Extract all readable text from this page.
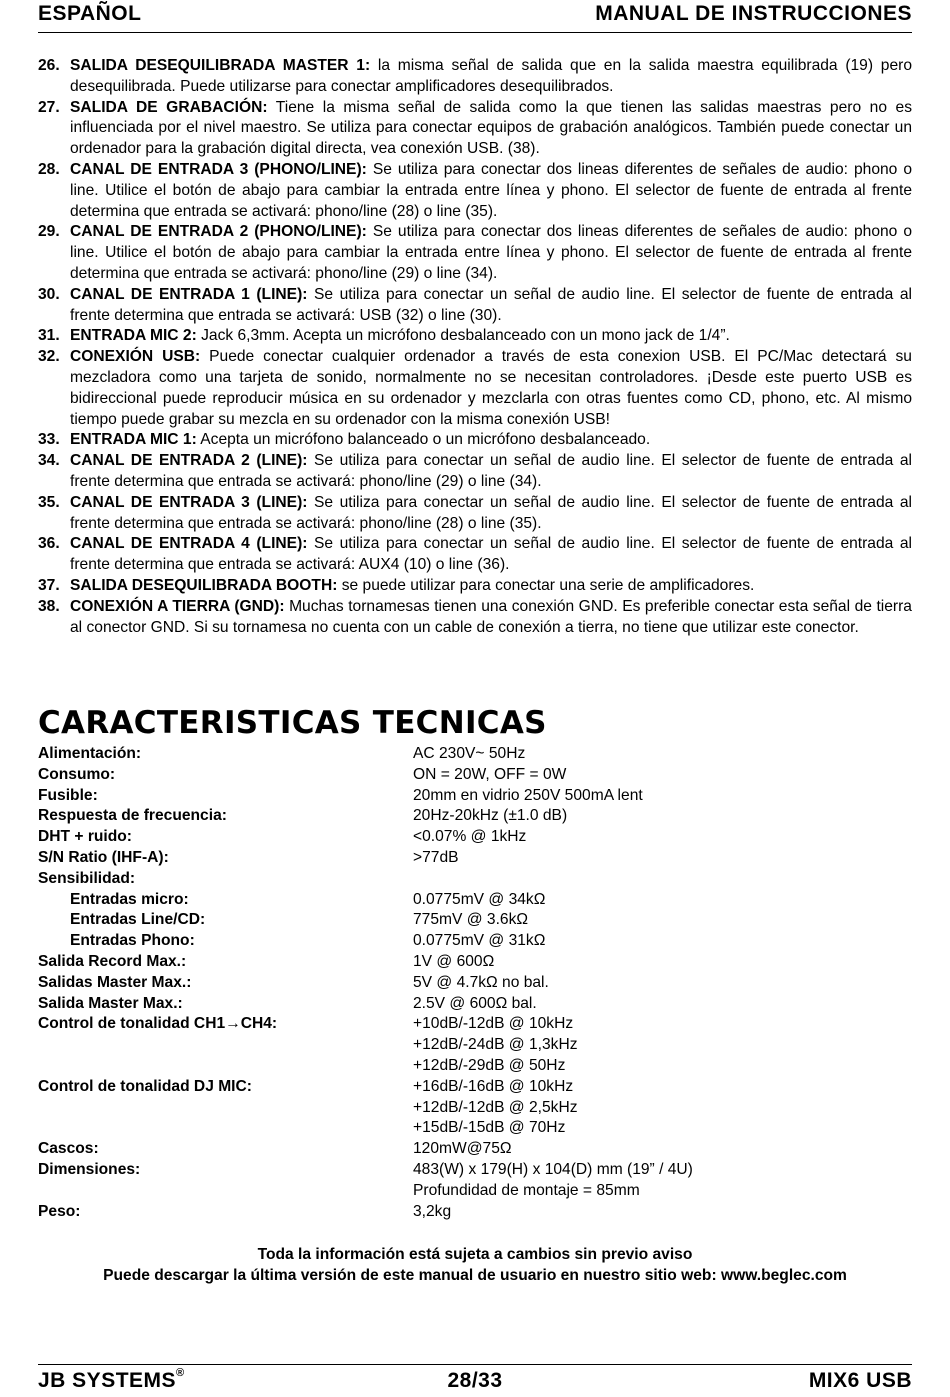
ESPAÑOL	MANUAL DE INSTRUCCIONES
26. SALIDA DESEQUILIBRADA MASTER 1: la misma señal de salida que en la salida maestra equilibrada (19) pero desequilibrada. Puede utilizarse para conectar amplificadores desequilibrados.
27. SALIDA DE GRABACIÓN: Tiene la misma señal de salida como la que tienen las salidas maestras pero no es influenciada por el nivel maestro. Se utiliza para conectar equipos de grabación analógicos. También puede conectar un ordenador para la grabación digital directa, vea conexión USB. (38).
28. CANAL DE ENTRADA 3 (PHONO/LINE): Se utiliza para conectar dos lineas diferentes de señales de audio: phono o line. Utilice el botón de abajo para cambiar la entrada entre línea y phono. El selector de fuente de entrada al frente determina que entrada se activará: phono/line (28) o line (35).
29. CANAL DE ENTRADA 2 (PHONO/LINE): Se utiliza para conectar dos lineas diferentes de señales de audio: phono o line. Utilice el botón de abajo para cambiar la entrada entre línea y phono. El selector de fuente de entrada al frente determina que entrada se activará: phono/line (29) o line (34).
30. CANAL DE ENTRADA 1 (LINE): Se utiliza para conectar un señal de audio line. El selector de fuente de entrada al frente determina que entrada se activará: USB (32) o line (30).
31. ENTRADA MIC 2: Jack 6,3mm. Acepta un micrófono desbalanceado con un mono jack de 1/4”.
32. CONEXIÓN USB: Puede conectar cualquier ordenador a través de esta conexion USB. El PC/Mac detectará su mezcladora como una tarjeta de sonido, normalmente no se necesitan controladores. ¡Desde este puerto USB es bidireccional puede reproducir música en su ordenador y mezclarla con otras fuentes como CD, phono, etc. Al mismo tiempo puede grabar su mezcla en su ordenador con la misma conexión USB!
33. ENTRADA MIC 1: Acepta un micrófono balanceado o un micrófono desbalanceado.
34. CANAL DE ENTRADA 2 (LINE): Se utiliza para conectar un señal de audio line. El selector de fuente de entrada al frente determina que entrada se activará: phono/line (29) o line (34).
35. CANAL DE ENTRADA 3 (LINE): Se utiliza para conectar un señal de audio line. El selector de fuente de entrada al frente determina que entrada se activará: phono/line (28) o line (35).
36. CANAL DE ENTRADA 4 (LINE): Se utiliza para conectar un señal de audio line. El selector de fuente de entrada al frente determina que entrada se activará: AUX4 (10) o line (36).
37. SALIDA DESEQUILIBRADA BOOTH: se puede utilizar para conectar una serie de amplificadores.
38. CONEXIÓN A TIERRA (GND): Muchas tornamesas tienen una conexión GND. Es preferible conectar esta señal de tierra al conector GND. Si su tornamesa no cuenta con un cable de conexión a tierra, no tiene que utilizar este conector.
CARACTERISTICAS TECNICAS
Alimentación:	AC 230V~ 50Hz
Consumo:	ON = 20W, OFF = 0W
Fusible:	20mm en vidrio 250V 500mA lent
Respuesta de frecuencia:	20Hz-20kHz (±1.0 dB)
DHT + ruido:	<0.07% @ 1kHz
S/N Ratio (IHF-A):	>77dB
Sensibilidad:
Entradas micro:	0.0775mV @ 34kΩ
Entradas Line/CD:	775mV @ 3.6kΩ
Entradas Phono:	0.0775mV @ 31kΩ
Salida Record Max.:	1V @ 600Ω
Salidas Master Max.:	5V @ 4.7kΩ no bal.
Salida Master Max.:	2.5V @ 600Ω bal.
Control de tonalidad CH1→CH4:	+10dB/-12dB @ 10kHz
+12dB/-24dB @ 1,3kHz
+12dB/-29dB @ 50Hz
Control de tonalidad DJ MIC:	+16dB/-16dB @ 10kHz
+12dB/-12dB @ 2,5kHz
+15dB/-15dB @ 70Hz
Cascos:	120mW@75Ω
Dimensiones:	483(W) x 179(H) x 104(D) mm (19” / 4U)
Profundidad de montaje = 85mm
Peso:	3,2kg
Toda la información está sujeta a cambios sin previo aviso
Puede descargar la última versión de este manual de usuario en nuestro sitio web: www.beglec.com
JB SYSTEMS®	28/33	MIX6 USB
